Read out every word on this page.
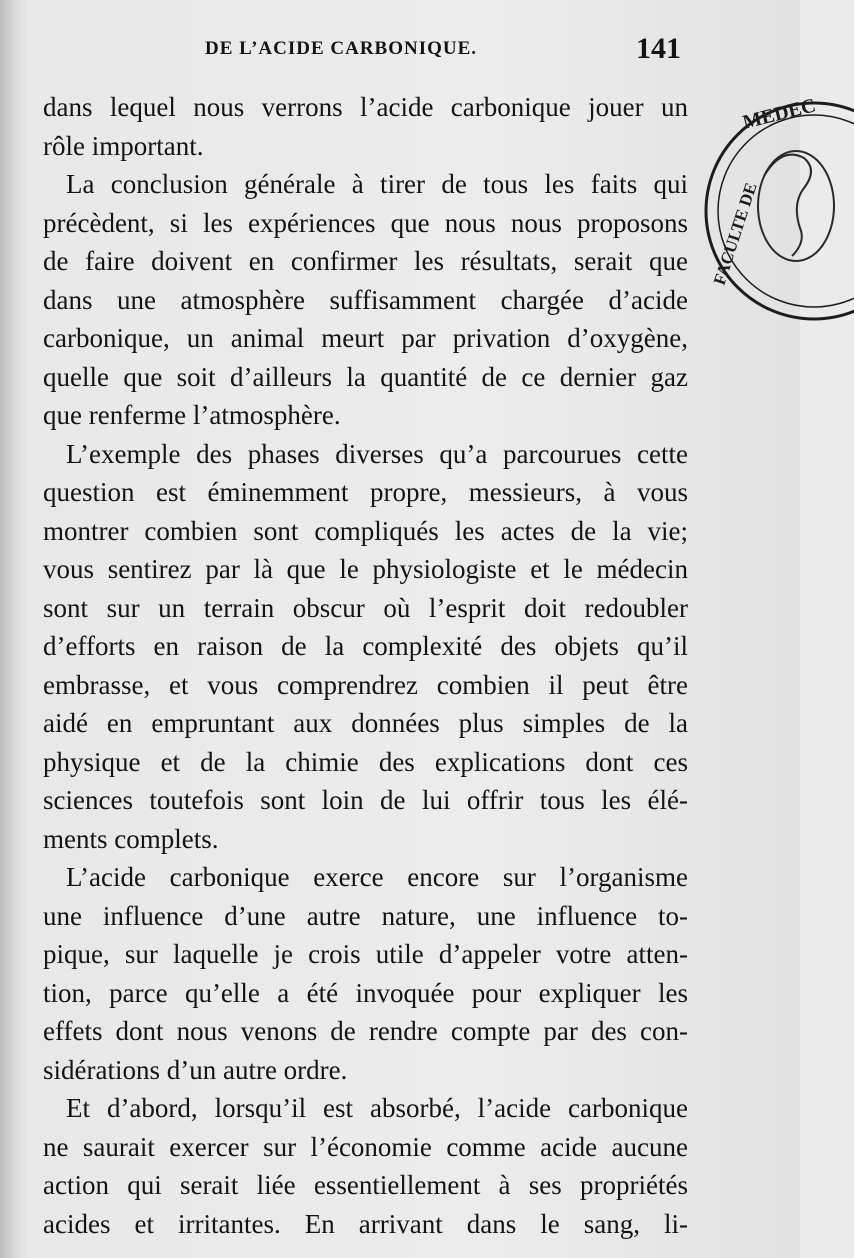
DE L’ACIDE CARBONIQUE.	141
dans lequel nous verrons l’acide carbonique jouer un
rôle important.
La conclusion générale à tirer de tous les faits qui
précèdent, si les expériences que nous nous proposons
de faire doivent en confirmer les résultats, serait que
dans une atmosphère suffisamment chargée d’acide
carbonique, un animal meurt par privation d’oxygène,
quelle que soit d’ailleurs la quantité de ce dernier gaz
que renferme l’atmosphère.
L’exemple des phases diverses qu’a parcourues cette
question est éminemment propre, messieurs, à vous
montrer combien sont compliqués les actes de la vie;
vous sentirez par là que le physiologiste et le médecin
sont sur un terrain obscur où l’esprit doit redoubler
d’efforts en raison de la complexité des objets qu’il
embrasse, et vous comprendrez combien il peut être
aidé en empruntant aux données plus simples de la
physique et de la chimie des explications dont ces
sciences toutefois sont loin de lui offrir tous les élé-
ments complets.
L’acide carbonique exerce encore sur l’organisme
une influence d’une autre nature, une influence to-
pique, sur laquelle je crois utile d’appeler votre atten-
tion, parce qu’elle a été invoquée pour expliquer les
effets dont nous venons de rendre compte par des con-
sidérations d’un autre ordre.
Et d’abord, lorsqu’il est absorbé, l’acide carbonique
ne saurait exercer sur l’économie comme acide aucune
action qui serait liée essentiellement à ses propriétés
acides et irritantes. En arrivant dans le sang, li-
MEDEC
FACULTE DE
